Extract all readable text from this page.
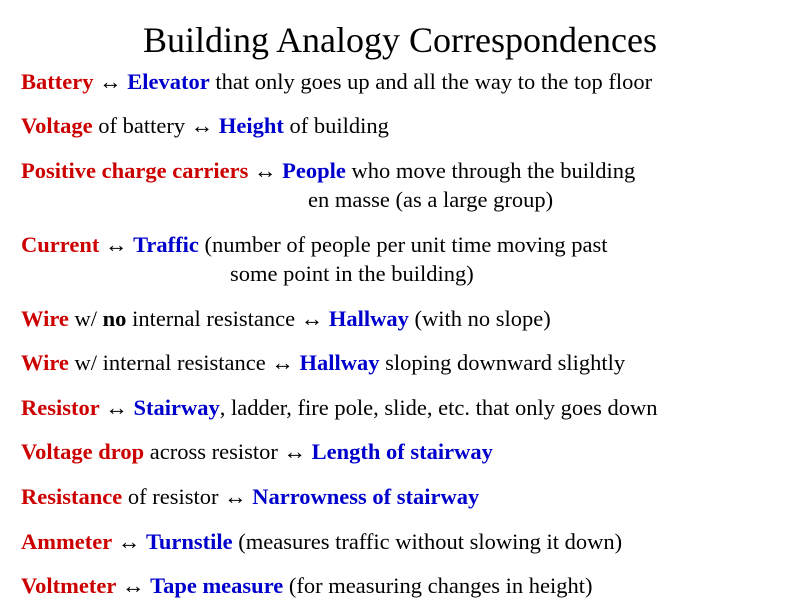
Building Analogy Correspondences
Battery ↔ Elevator that only goes up and all the way to the top floor
Voltage of battery ↔ Height of building
Positive charge carriers ↔ People who move through the building
en masse (as a large group)
Current ↔ Traffic (number of people per unit time moving past
some point in the building)
Wire w/ no internal resistance ↔ Hallway (with no slope)
Wire w/ internal resistance ↔ Hallway sloping downward slightly
Resistor ↔ Stairway, ladder, fire pole, slide, etc. that only goes down
Voltage drop across resistor ↔ Length of stairway
Resistance of resistor ↔ Narrowness of stairway
Ammeter ↔ Turnstile (measures traffic without slowing it down)
Voltmeter ↔ Tape measure (for measuring changes in height)
